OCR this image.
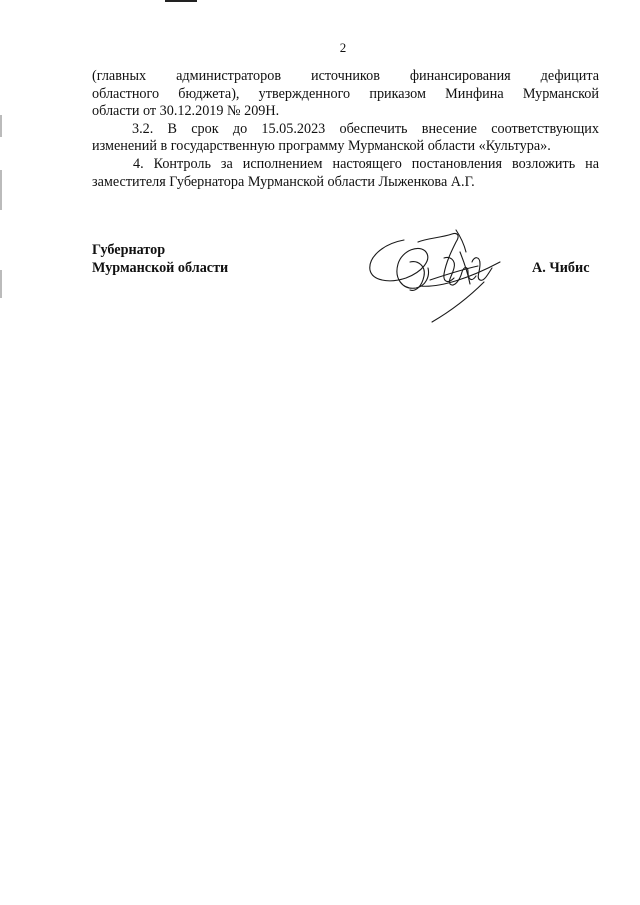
2
(главных администраторов источников финансирования дефицита
областного бюджета), утвержденного приказом Минфина Мурманской
области от 30.12.2019 № 209Н.
3.2. В срок до 15.05.2023 обеспечить внесение соответствующих
изменений в государственную программу Мурманской области «Культура».
4. Контроль за исполнением настоящего постановления возложить на
заместителя Губернатора Мурманской области Лыженкова А.Г.
Губернатор
Мурманской области	А. Чибис
